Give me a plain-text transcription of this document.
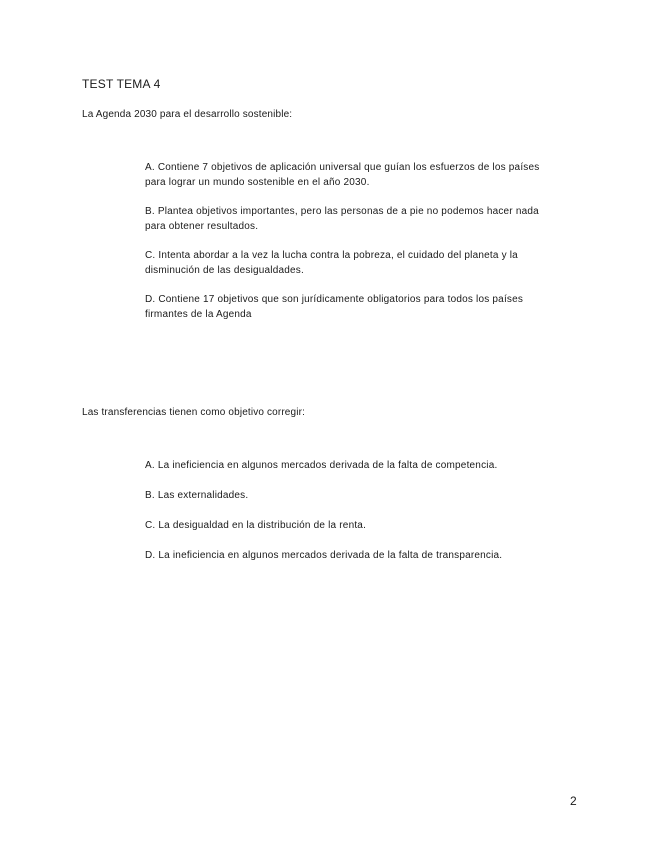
TEST TEMA 4
La Agenda 2030 para el desarrollo sostenible:
A. Contiene 7 objetivos de aplicación universal que guían los esfuerzos de los países para lograr un mundo sostenible en el año 2030.
B. Plantea objetivos importantes, pero las personas de a pie no podemos hacer nada para obtener resultados.
C. Intenta abordar a la vez la lucha contra la pobreza, el cuidado del planeta y la disminución de las desigualdades.
D. Contiene 17 objetivos que son jurídicamente obligatorios para todos los países firmantes de la Agenda
Las transferencias tienen como objetivo corregir:
A. La ineficiencia en algunos mercados derivada de la falta de competencia.
B. Las externalidades.
C. La desigualdad en la distribución de la renta.
D. La ineficiencia en algunos mercados derivada de la falta de transparencia.
2
